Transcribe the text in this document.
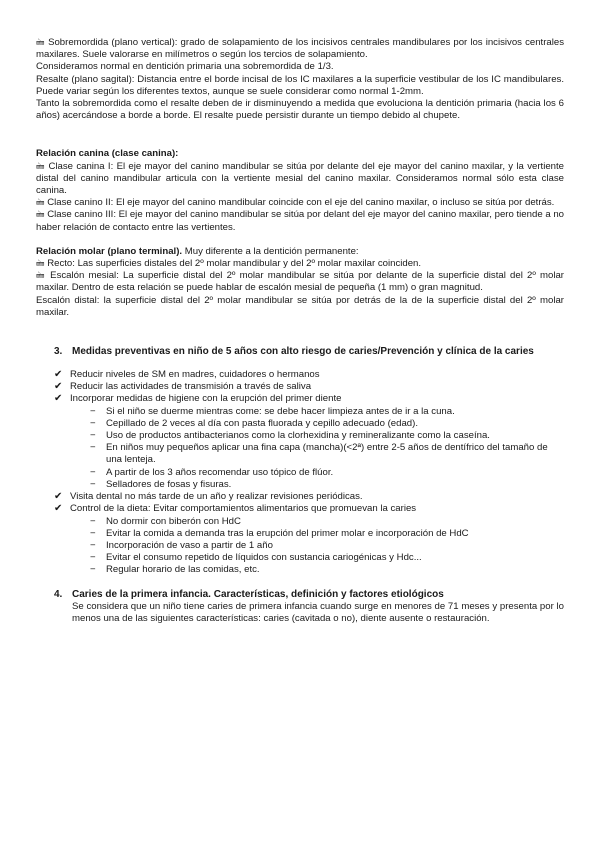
🖮 Sobremordida (plano vertical): grado de solapamiento de los incisivos centrales mandibulares por los incisivos centrales maxilares. Suele valorarse en milímetros o según los tercios de solapamiento.

Consideramos normal en dentición primaria una sobremordida de 1/3.

Resalte (plano sagital): Distancia entre el borde incisal de los IC maxilares a la superficie vestibular de los IC mandibulares. Puede variar según los diferentes textos, aunque se suele considerar como normal 1-2mm.

Tanto la sobremordida como el resalte deben de ir disminuyendo a medida que evoluciona la dentición primaria (hacia los 6 años) acercándose a borde a borde. El resalte puede persistir durante un tiempo debido al chupete.

Relación canina (clase canina):

🖮 Clase canina I: El eje mayor del canino mandibular se sitúa por delante del eje mayor del canino maxilar, y la vertiente distal del canino mandibular articula con la vertiente mesial del canino maxilar. Consideramos normal sólo esta clase canina.

🖮 Clase canino II: El eje mayor del canino mandibular coincide con el eje del canino maxilar, o incluso se sitúa por detrás.

🖮 Clase canino III: El eje mayor del canino mandibular se sitúa por delant del eje mayor del canino maxilar, pero tiende a no haber relación de contacto entre las vertientes.

Relación molar (plano terminal). Muy diferente a la dentición permanente:

🖮 Recto: Las superficies distales del 2º molar mandibular y del 2º molar maxilar coinciden.

🖮 Escalón mesial: La superficie distal del 2º molar mandibular se sitúa por delante de la superficie distal del 2º molar maxilar. Dentro de esta relación se puede hablar de escalón mesial de pequeña (1 mm) o gran magnitud.

Escalón distal: la superficie distal del 2º molar mandibular se sitúa por detrás de la de la superficie distal del 2º molar maxilar.

3. Medidas preventivas en niño de 5 años con alto riesgo de caries/Prevención y clínica de la caries
✔ Reducir niveles de SM en madres, cuidadores o hermanos
✔ Reducir las actividades de transmisión a través de saliva
✔ Incorporar medidas de higiene con la erupción del primer diente
−	Si el niño se duerme mientras come: se debe hacer limpieza antes de ir a la cuna.
−	Cepillado de 2 veces al día con pasta fluorada y cepillo adecuado (edad).
−	Uso de productos antibacterianos como la clorhexidina y remineralizante como la caseína.
−	En niños muy pequeños aplicar una fina capa (mancha)(<2ª) entre 2-5 años de dentífrico del tamaño de una lenteja.
−	A partir de los 3 años recomendar uso tópico de flúor.
−	Selladores de fosas y fisuras.
✔ Visita dental no más tarde de un año y realizar revisiones periódicas.
✔ Control de la dieta: Evitar comportamientos alimentarios que promuevan la caries
−	No dormir con biberón con HdC
−	Evitar la comida a demanda tras la erupción del primer molar e incorporación de HdC
−	Incorporación de vaso a partir de 1 año
−	Evitar el consumo repetido de líquidos con sustancia cariogénicas y Hdc...
−	Regular horario de las comidas, etc.
4. Caries de la primera infancia. Características, definición y factores etiológicos

Se considera que un niño tiene caries de primera infancia cuando surge en menores de 71 meses y presenta por lo menos una de las siguientes características: caries (cavitada o no), diente ausente o restauración.
